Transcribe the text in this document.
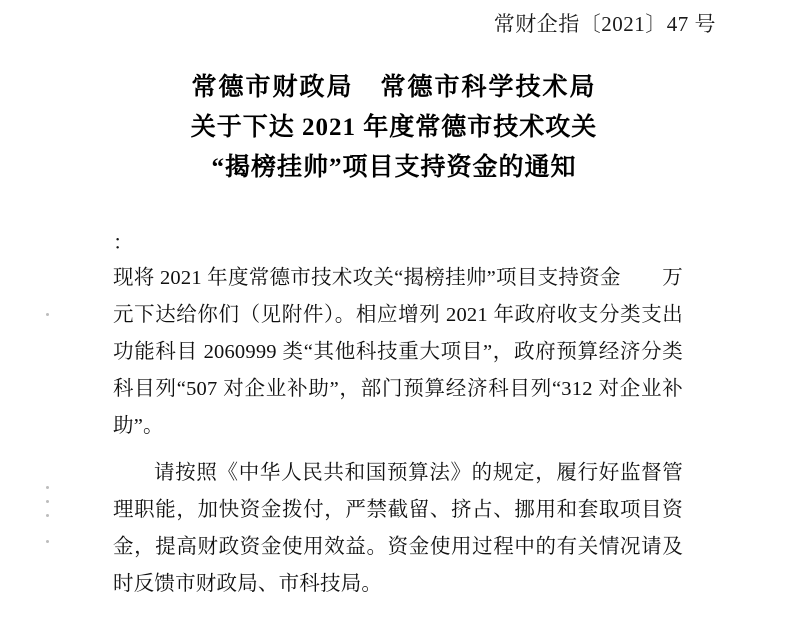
常财企指〔2021〕47 号
常德市财政局　常德市科学技术局
关于下达 2021 年度常德市技术攻关
“揭榜挂帅”项目支持资金的通知
：

现将 2021 年度常德市技术攻关“揭榜挂帅”项目支持资金　　万元下达给你们（见附件）。相应增列 2021 年政府收支分类支出功能科目 2060999 类“其他科技重大项目”，政府预算经济分类科目列“507 对企业补助”，部门预算经济科目列“312 对企业补助”。

请按照《中华人民共和国预算法》的规定，履行好监督管理职能，加快资金拨付，严禁截留、挤占、挪用和套取项目资金，提高财政资金使用效益。资金使用过程中的有关情况请及时反馈市财政局、市科技局。
